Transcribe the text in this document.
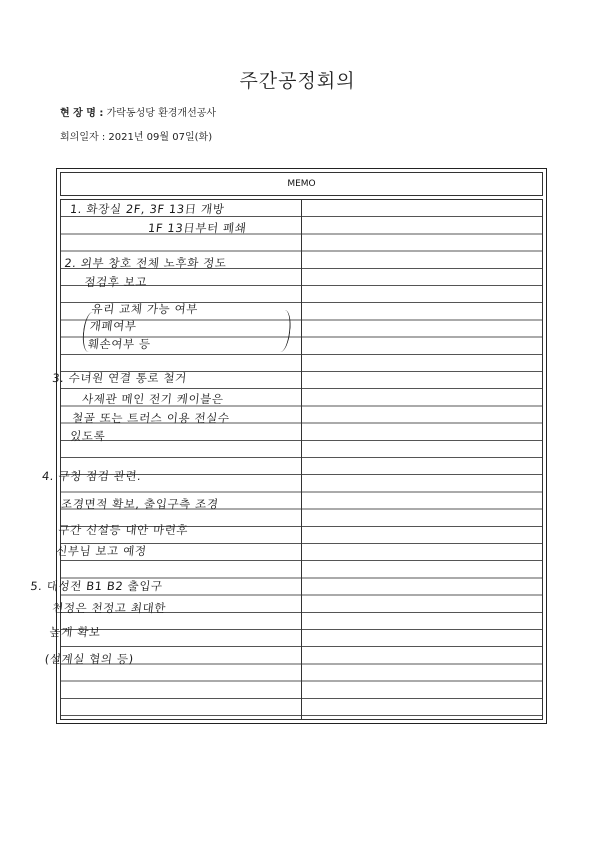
주간공정회의
현 장 명 : 가락동성당 환경개선공사
회의일자 : 2021년 09월 07일(화)
MEMO
1. 화장실 2F, 3F 13日 개방
1F 13日부터 폐쇄
2. 외부 창호 전체 노후화 정도
점검후 보고
유리 교체 가능 여부
개폐여부
훼손여부 등
3. 수녀원 연결 통로 철거
사제관 메인 전기 케이블은
철골 또는 트러스 이용 전실수
있도록
4. 구청 점검 관련.
조경면적 확보, 출입구측 조경
구간 신설등 대안 마련후
신부님 보고 예정
5. 대성전 B1 B2 출입구
천정은 천정고 최대한
높게 확보
(설계실 협의 등)
